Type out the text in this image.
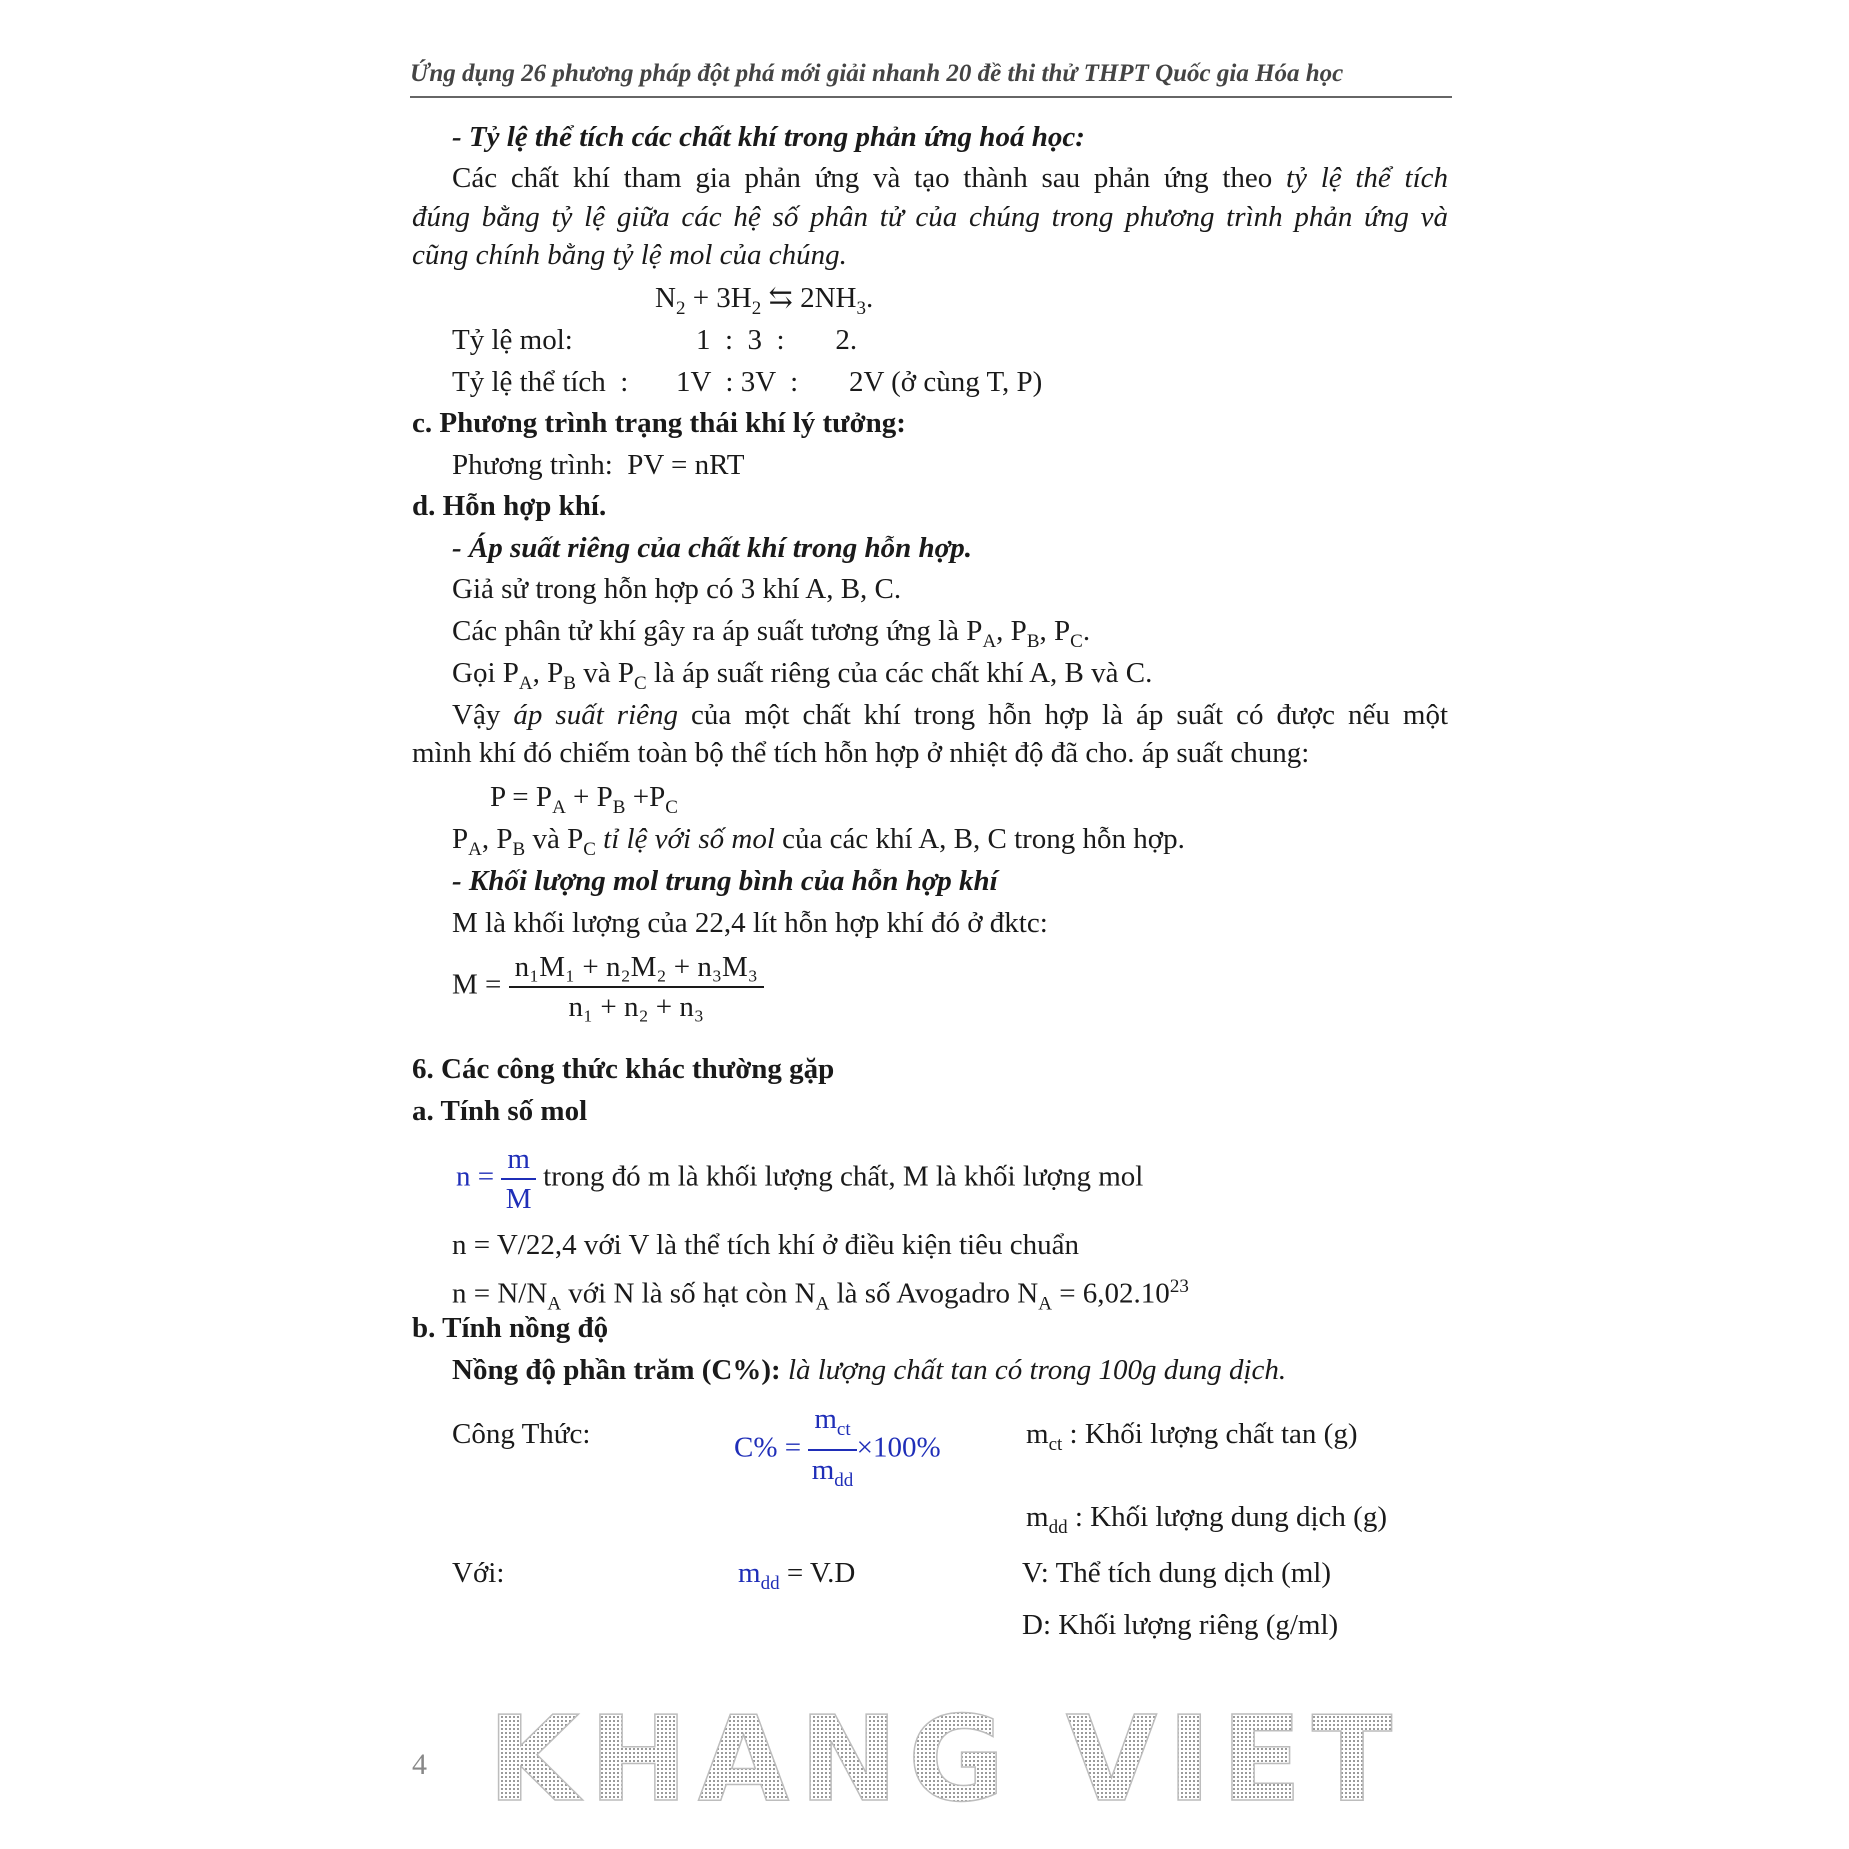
Ứng dụng 26 phương pháp đột phá mới giải nhanh 20 đề thi thử THPT Quốc gia Hóa học
- Tỷ lệ thể tích các chất khí trong phản ứng hoá học:
Các chất khí tham gia phản ứng và tạo thành sau phản ứng theo tỷ lệ thể tích
đúng bằng tỷ lệ giữa các hệ số phân tử của chúng trong phương trình phản ứng và
cũng chính bằng tỷ lệ mol của chúng.
$N_2 + 3H_2$ ⇆ $2NH_3$.
Tỷ lệ mol:	1  :  3  :       2.
Tỷ lệ thể tích  : 1V  : 3V  :       2V (ở cùng T, P)
c. Phương trình trạng thái khí lý tưởng:
Phương trình:  PV = nRT
d. Hỗn hợp khí.
- Áp suất riêng của chất khí trong hỗn hợp.
Giả sử trong hỗn hợp có 3 khí A, B, C.
Các phân tử khí gây ra áp suất tương ứng là $P_A$, $P_B$, $P_C$.
Gọi $P_A$, $P_B$ và $P_C$ là áp suất riêng của các chất khí A, B và C.
Vậy áp suất riêng của một chất khí trong hỗn hợp là áp suất có được nếu một
mình khí đó chiếm toàn bộ thể tích hỗn hợp ở nhiệt độ đã cho. áp suất chung:
$P = P_A + P_B +P_C$
$P_A$, $P_B$ và $P_C$ tỉ lệ với số mol của các khí A, B, C trong hỗn hợp.
- Khối lượng mol trung bình của hỗn hợp khí
M là khối lượng của 22,4 lít hỗn hợp khí đó ở đktc:
$M = \frac{\text{n₁M₁ + n₂M₂ + n₃M₃}}{\text{n₁ + n₂ + n₃}}$
6. Các công thức khác thường gặp
a. Tính số mol
$n = \frac{m}{M}$ trong đó m là khối lượng chất, M là khối lượng mol
n = V/22,4 với V là thể tích khí ở điều kiện tiêu chuẩn
$n = N/N_A$ với N là số hạt còn $N_A$ là số Avogadro $N_A = 6,02.10^{23}$
b. Tính nồng độ
Nồng độ phần trăm (C%): là lượng chất tan có trong 100g dung dịch.
Công Thức:	$C\% = \frac{m_{ct}}{m_{dd}} \times 100\%$	$m_{ct}$ : Khối lượng chất tan (g)
$m_{dd}$ : Khối lượng dung dịch (g)
Với:	$m_{dd} = V.D$	V: Thể tích dung dịch (ml)
D: Khối lượng riêng (g/ml)
4 KHANG VIET
